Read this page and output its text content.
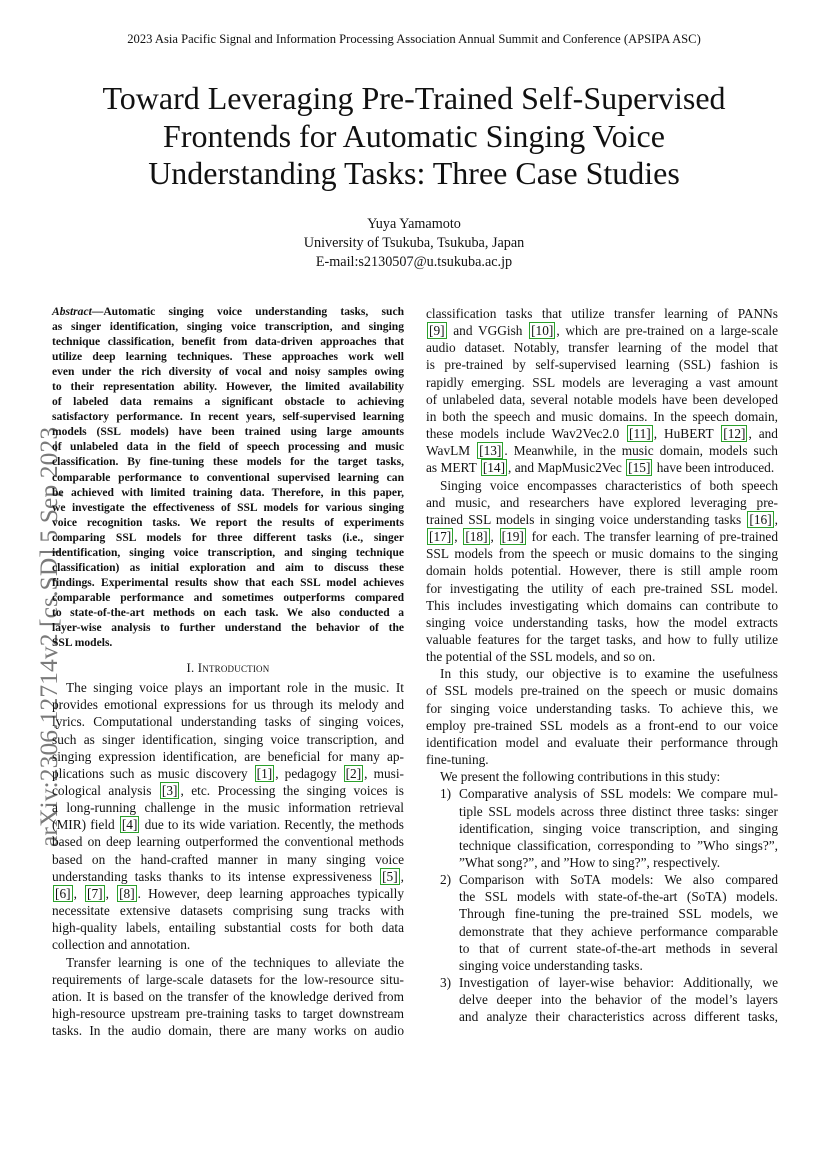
2023 Asia Pacific Signal and Information Processing Association Annual Summit and Conference (APSIPA ASC)
Toward Leveraging Pre-Trained Self-Supervised
Frontends for Automatic Singing Voice
Understanding Tasks: Three Case Studies
Yuya Yamamoto
University of Tsukuba, Tsukuba, Japan
E-mail:s2130507@u.tsukuba.ac.jp
arXiv:2306.12714v2 [cs.SD] 5 Sep 2023
Abstract—Automatic singing voice understanding tasks, such
as singer identification, singing voice transcription, and singing
technique classification, benefit from data-driven approaches that
utilize deep learning techniques. These approaches work well
even under the rich diversity of vocal and noisy samples owing
to their representation ability. However, the limited availability
of labeled data remains a significant obstacle to achieving
satisfactory performance. In recent years, self-supervised learning
models (SSL models) have been trained using large amounts
of unlabeled data in the field of speech processing and music
classification. By fine-tuning these models for the target tasks,
comparable performance to conventional supervised learning can
be achieved with limited training data. Therefore, in this paper,
we investigate the effectiveness of SSL models for various singing
voice recognition tasks. We report the results of experiments
comparing SSL models for three different tasks (i.e., singer
identification, singing voice transcription, and singing technique
classification) as initial exploration and aim to discuss these
findings. Experimental results show that each SSL model achieves
comparable performance and sometimes outperforms compared
to state-of-the-art methods on each task. We also conducted a
layer-wise analysis to further understand the behavior of the
SSL models.
I. Introduction
The singing voice plays an important role in the music. It
provides emotional expressions for us through its melody and
lyrics. Computational understanding tasks of singing voices,
such as singer identification, singing voice transcription, and
singing expression identification, are beneficial for many ap-
plications such as music discovery [1] , pedagogy [2] , musi-
cological analysis [3] , etc. Processing the singing voices is
a long-running challenge in the music information retrieval
(MIR) field [4] due to its wide variation. Recently, the methods
based on deep learning outperformed the conventional methods
based on the hand-crafted manner in many singing voice
understanding tasks thanks to its intense expressiveness [5] ,
[6] , [7] , [8] . However, deep learning approaches typically
necessitate extensive datasets comprising sung tracks with
high-quality labels, entailing substantial costs for both data
collection and annotation.
Transfer learning is one of the techniques to alleviate the
requirements of large-scale datasets for the low-resource situ-
ation. It is based on the transfer of the knowledge derived from
high-resource upstream pre-training tasks to target downstream
tasks. In the audio domain, there are many works on audio
classification tasks that utilize transfer learning of PANNs
[9] and VGGish [10] , which are pre-trained on a large-scale
audio dataset. Notably, transfer learning of the model that
is pre-trained by self-supervised learning (SSL) fashion is
rapidly emerging. SSL models are leveraging a vast amount
of unlabeled data, several notable models have been developed
in both the speech and music domains. In the speech domain,
these models include Wav2Vec2.0 [11] , HuBERT [12] , and
WavLM [13] . Meanwhile, in the music domain, models such
as MERT [14] , and MapMusic2Vec [15] have been introduced.
Singing voice encompasses characteristics of both speech
and music, and researchers have explored leveraging pre-
trained SSL models in singing voice understanding tasks [16] ,
[17] , [18] , [19] for each. The transfer learning of pre-trained
SSL models from the speech or music domains to the singing
domain holds potential. However, there is still ample room
for investigating the utility of each pre-trained SSL model.
This includes investigating which domains can contribute to
singing voice understanding tasks, how the model extracts
valuable features for the target tasks, and how to fully utilize
the potential of the SSL models, and so on.
In this study, our objective is to examine the usefulness
of SSL models pre-trained on the speech or music domains
for singing voice understanding tasks. To achieve this, we
employ pre-trained SSL models as a front-end to our voice
identification model and evaluate their performance through
fine-tuning.
We present the following contributions in this study:
1) Comparative analysis of SSL models: We compare mul-
tiple SSL models across three distinct three tasks: singer
identification, singing voice transcription, and singing
technique classification, corresponding to ”Who sings?”,
”What song?”, and ”How to sing?”, respectively.
2) Comparison with SoTA models: We also compared
the SSL models with state-of-the-art (SoTA) models.
Through fine-tuning the pre-trained SSL models, we
demonstrate that they achieve performance comparable
to that of current state-of-the-art methods in several
singing voice understanding tasks.
3) Investigation of layer-wise behavior: Additionally, we
delve deeper into the behavior of the model’s layers
and analyze their characteristics across different tasks,
